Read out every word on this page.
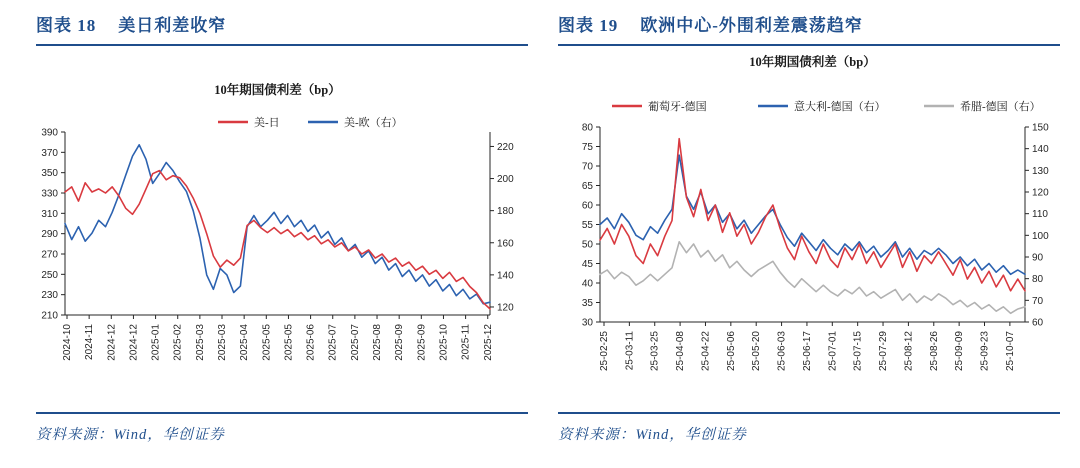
图表 18 美日利差收窄
10年期国债利差（bp）
美-日	美-欧（右）
390
370
350
330
310
290
270
250
230
210
220
200
180
160
140
120
2024-10 2024-11 2024-12 2024-12 2025-01 2025-02 2025-03 2025-03 2025-04 2025-05 2025-05 2025-06 2025-07 2025-07 2025-08 2025-09 2025-09 2025-10 2025-11 2025-12
资料来源：Wind，华创证券
图表 19 欧洲中心-外围利差震荡趋窄
10年期国债利差（bp）
葡萄牙-德国	意大利-德国（右）	希腊-德国（右）
80
75
70
65
60
55
50
45
40
35
30
150
140
130
120
110
100
90
80
70
60
25-02-25 25-03-11 25-03-25 25-04-08 25-04-22 25-05-06 25-05-20 25-06-03 25-06-17 25-07-01 25-07-15 25-07-29 25-08-12 25-08-26 25-09-09 25-09-23 25-10-07
资料来源：Wind，华创证券
